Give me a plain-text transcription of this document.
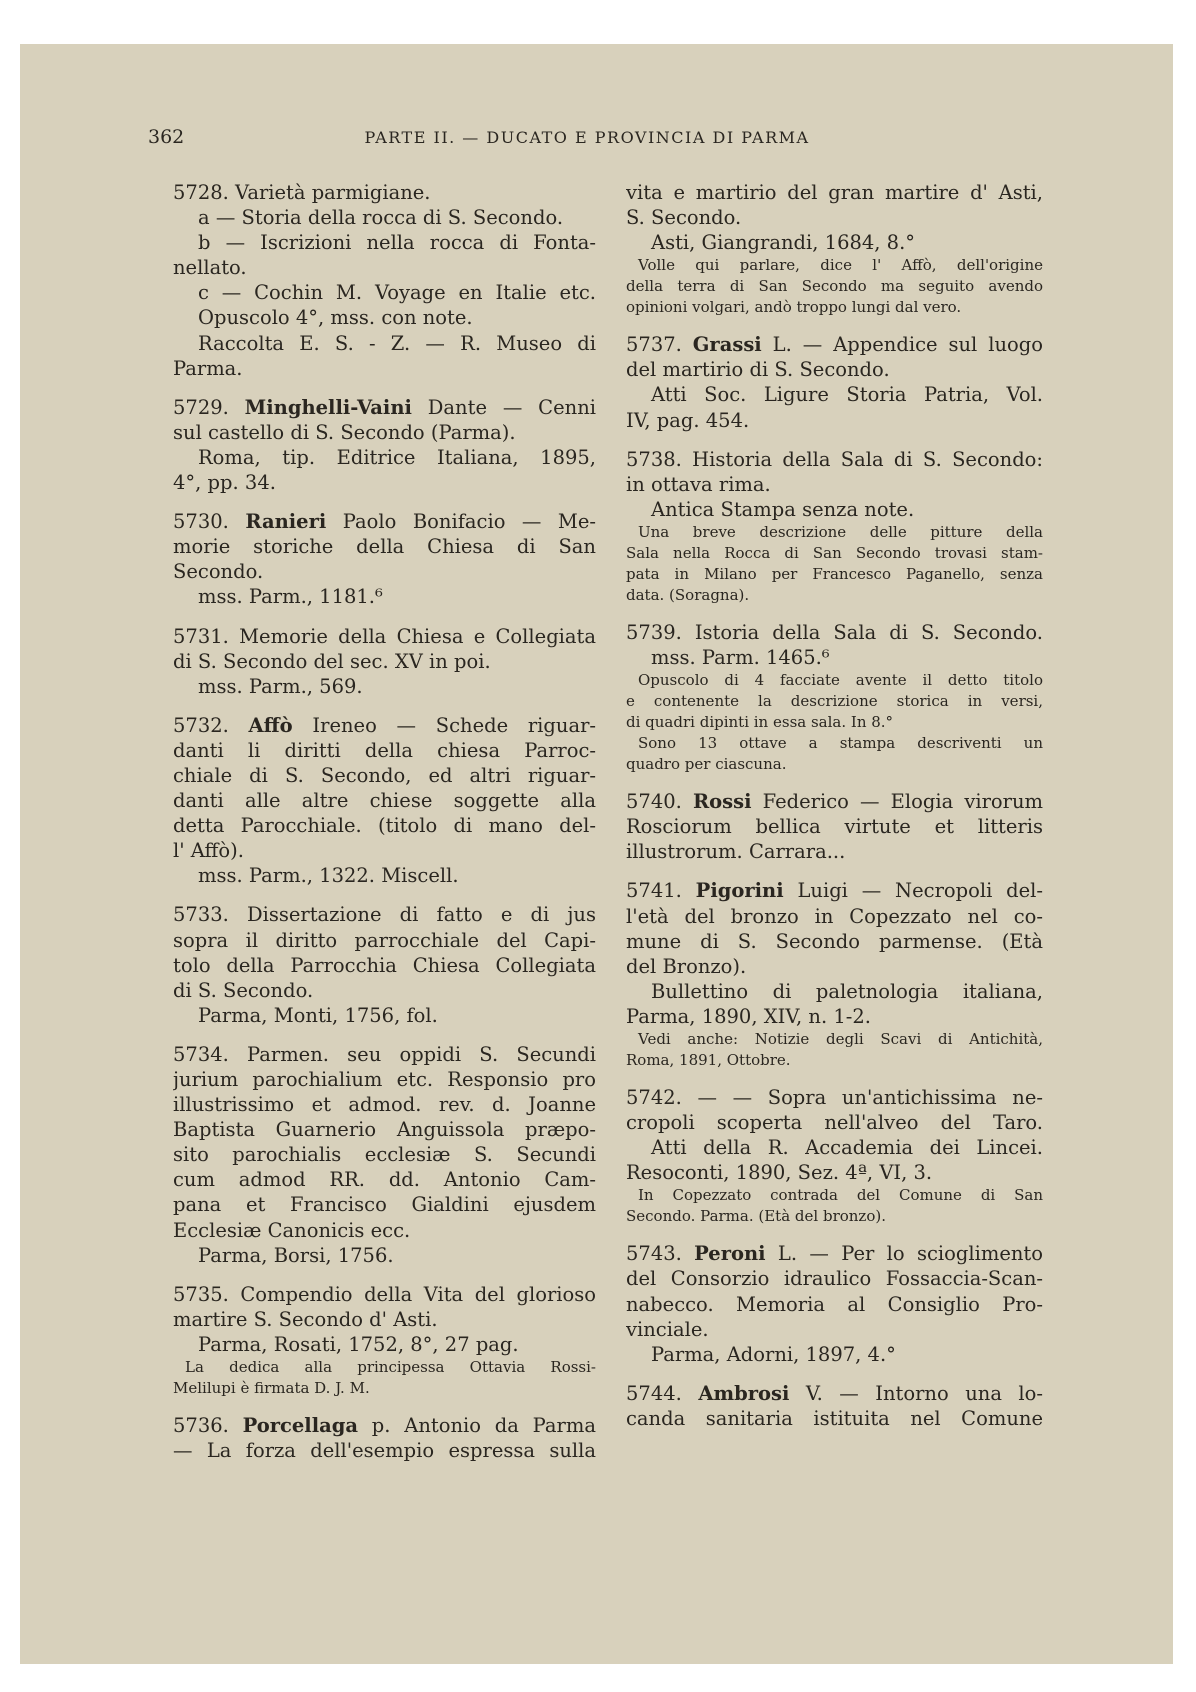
362	PARTE II. — DUCATO E PROVINCIA DI PARMA
5728. Varietà parmigiane.
a — Storia della rocca di S. Secondo.
b — Iscrizioni nella rocca di Fonta-
nellato.
c — Cochin M. Voyage en Italie etc.
Opuscolo 4°, mss. con note.
Raccolta E. S. - Z. — R. Museo di
Parma.
5729. Minghelli-Vaini Dante — Cenni
sul castello di S. Secondo (Parma).
Roma, tip. Editrice Italiana, 1895,
4°, pp. 34.
5730. Ranieri Paolo Bonifacio — Me-
morie storiche della Chiesa di San
Secondo.
mss. Parm., 1181.⁶
5731. Memorie della Chiesa e Collegiata
di S. Secondo del sec. XV in poi.
mss. Parm., 569.
5732. Affò Ireneo — Schede riguar-
danti li diritti della chiesa Parroc-
chiale di S. Secondo, ed altri riguar-
danti alle altre chiese soggette alla
detta Parocchiale. (titolo di mano del-
l' Affò).
mss. Parm., 1322. Miscell.
5733. Dissertazione di fatto e di jus
sopra il diritto parrocchiale del Capi-
tolo della Parrocchia Chiesa Collegiata
di S. Secondo.
Parma, Monti, 1756, fol.
5734. Parmen. seu oppidi S. Secundi
jurium parochialium etc. Responsio pro
illustrissimo et admod. rev. d. Joanne
Baptista Guarnerio Anguissola præpo-
sito parochialis ecclesiæ S. Secundi
cum admod RR. dd. Antonio Cam-
pana et Francisco Gialdini ejusdem
Ecclesiæ Canonicis ecc.
Parma, Borsi, 1756.
5735. Compendio della Vita del glorioso
martire S. Secondo d' Asti.
Parma, Rosati, 1752, 8°, 27 pag.
La dedica alla principessa Ottavia Rossi-
Melilupi è firmata D. J. M.
5736. Porcellaga p. Antonio da Parma
— La forza dell'esempio espressa sulla
vita e martirio del gran martire d' Asti,
S. Secondo.
Asti, Giangrandi, 1684, 8.°
Volle qui parlare, dice l' Affò, dell'origine
della terra di San Secondo ma seguito avendo
opinioni volgari, andò troppo lungi dal vero.
5737. Grassi L. — Appendice sul luogo
del martirio di S. Secondo.
Atti Soc. Ligure Storia Patria, Vol.
IV, pag. 454.
5738. Historia della Sala di S. Secondo:
in ottava rima.
Antica Stampa senza note.
Una breve descrizione delle pitture della
Sala nella Rocca di San Secondo trovasi stam-
pata in Milano per Francesco Paganello, senza
data. (Soragna).
5739. Istoria della Sala di S. Secondo.
mss. Parm. 1465.⁶
Opuscolo di 4 facciate avente il detto titolo
e contenente la descrizione storica in versi,
di quadri dipinti in essa sala. In 8.°
Sono 13 ottave a stampa descriventi un
quadro per ciascuna.
5740. Rossi Federico — Elogia virorum
Rosciorum bellica virtute et litteris
illustrorum. Carrara...
5741. Pigorini Luigi — Necropoli del-
l'età del bronzo in Copezzato nel co-
mune di S. Secondo parmense. (Età
del Bronzo).
Bullettino di paletnologia italiana,
Parma, 1890, XIV, n. 1-2.
Vedi anche: Notizie degli Scavi di Antichità,
Roma, 1891, Ottobre.
5742. — — Sopra un'antichissima ne-
cropoli scoperta nell'alveo del Taro.
Atti della R. Accademia dei Lincei.
Resoconti, 1890, Sez. 4ª, VI, 3.
In Copezzato contrada del Comune di San
Secondo. Parma. (Età del bronzo).
5743. Peroni L. — Per lo scioglimento
del Consorzio idraulico Fossaccia-Scan-
nabecco. Memoria al Consiglio Pro-
vinciale.
Parma, Adorni, 1897, 4.°
5744. Ambrosi V. — Intorno una lo-
canda sanitaria istituita nel Comune
